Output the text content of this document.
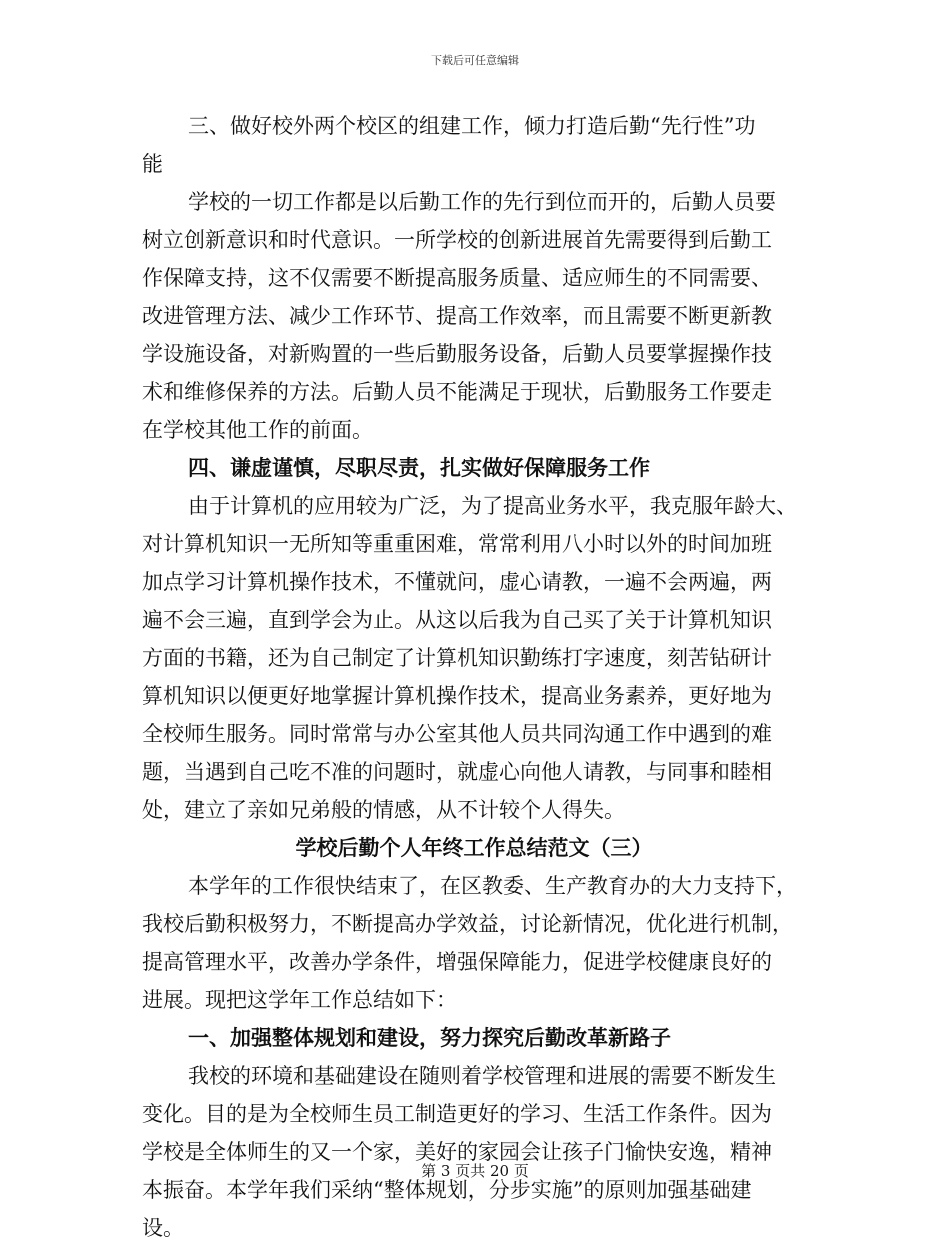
下载后可任意编辑
三、做好校外两个校区的组建工作，倾力打造后勤“先行性”功
能
学校的一切工作都是以后勤工作的先行到位而开的，后勤人员要
树立创新意识和时代意识。一所学校的创新进展首先需要得到后勤工
作保障支持，这不仅需要不断提高服务质量、适应师生的不同需要、
改进管理方法、减少工作环节、提高工作效率，而且需要不断更新教
学设施设备，对新购置的一些后勤服务设备，后勤人员要掌握操作技
术和维修保养的方法。后勤人员不能满足于现状，后勤服务工作要走
在学校其他工作的前面。
四、谦虚谨慎，尽职尽责，扎实做好保障服务工作
由于计算机的应用较为广泛，为了提高业务水平，我克服年龄大、
对计算机知识一无所知等重重困难，常常利用八小时以外的时间加班
加点学习计算机操作技术，不懂就问，虚心请教，一遍不会两遍，两
遍不会三遍，直到学会为止。从这以后我为自己买了关于计算机知识
方面的书籍，还为自己制定了计算机知识勤练打字速度，刻苦钻研计
算机知识以便更好地掌握计算机操作技术，提高业务素养，更好地为
全校师生服务。同时常常与办公室其他人员共同沟通工作中遇到的难
题，当遇到自己吃不准的问题时，就虚心向他人请教，与同事和睦相
处，建立了亲如兄弟般的情感，从不计较个人得失。
学校后勤个人年终工作总结范文（三）
本学年的工作很快结束了，在区教委、生产教育办的大力支持下，
我校后勤积极努力，不断提高办学效益，讨论新情况，优化进行机制，
提高管理水平，改善办学条件，增强保障能力，促进学校健康良好的
进展。现把这学年工作总结如下：
一、加强整体规划和建设，努力探究后勤改革新路子
我校的环境和基础建设在随则着学校管理和进展的需要不断发生
变化。目的是为全校师生员工制造更好的学习、生活工作条件。因为
学校是全体师生的又一个家，美好的家园会让孩子门愉快安逸，精神
本振奋。本学年我们采纳“整体规划，分步实施”的原则加强基础建
设。
第 3 页共 20 页
